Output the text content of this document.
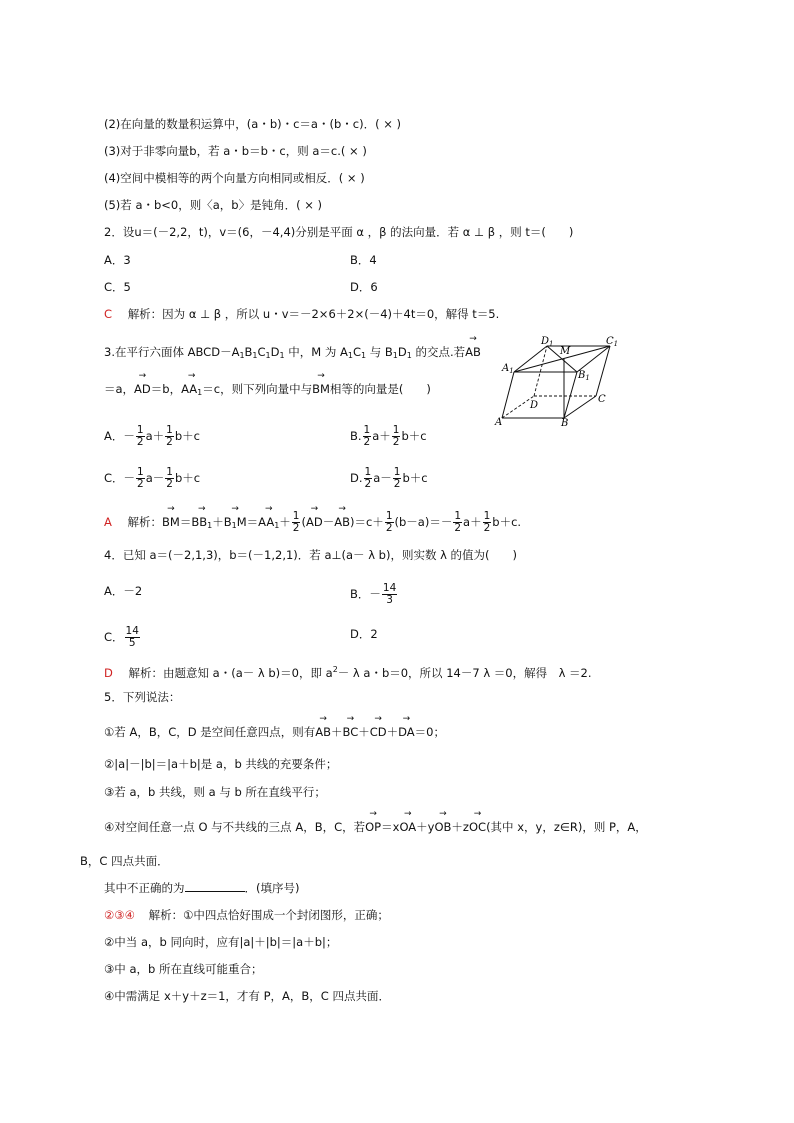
(2)在向量的数量积运算中，(a・b)・c＝a・(b・c)．( × )
(3)对于非零向量b，若 a・b＝b・c，则 a＝c.( × )
(4)空间中模相等的两个向量方向相同或相反．( × )
(5)若 a・b<0，则〈a，b〉是钝角．( × )
2．设u＝(－2,2，t)，v＝(6，－4,4)分别是平面 α ，β 的法向量．若 α ⊥ β ，则 t＝(　　)
A．3	B．4
C．5	D．6
C 解析：因为 α ⊥ β ，所以 u・v＝－2×6＋2×(－4)＋4t＝0，解得 t＝5.
3.在平行六面体 $ABCD-A_1B_1C_1D_1$ 中，M 为 $A_1C_1$ 与 $B_1D_1$ 的交点.若→ AB
＝a，→ AD＝b，→ $AA_1=c$，则下列向量中与→ BM相等的向量是(　　)
A．－ $\frac{1}{2} a+ \frac{1}{2} b+c$	B. $\frac{1}{2} a+ \frac{1}{2} b+c$
C．－ $\frac{1}{2} a- \frac{1}{2} b+c$	D. $\frac{1}{2} a- \frac{1}{2} b+c$
A 解析：→ $BM=\to BB_1+\to B_1M=\to AA_1+ \frac{1}{2}$ (→ $AD-\to AB)=c+ \frac{1}{2} (b-a)=- \frac{1}{2} a+ \frac{1}{2} b+c$.
$A_1$
$D_1$
M
$C_1$
$B_1$
D
C
A	B
4．已知 a＝(－2,1,3)，b＝(－1,2,1)．若 a⊥(a－ λ b)，则实数 λ 的值为(　　)
A．－2	B．－ $\frac{14}{3}$
C． $\frac{14}{5}$	D．2
D 解析：由题意知 a・(a－ λ b)＝0，即 $a^2- \lambda$ a・b＝0，所以 14－7 λ ＝0，解得　λ ＝2.
5．下列说法：
①若 A，B，C，D 是空间任意四点，则有→ AB＋→ BC＋→ CD＋→ DA＝0；
②|a|－|b|＝|a＋b|是 a，b 共线的充要条件；
③若 a，b 共线，则 a 与 b 所在直线平行；
④对空间任意一点 O 与不共线的三点 A，B，C，若→ OP＝x→ OA＋y→ OB＋z→ OC(其中 x，y，z∈R)，则 P，A，
B，C 四点共面．
其中不正确的为	．(填序号)
②③④ 解析：①中四点恰好围成一个封闭图形，正确；
②中当 a，b 同向时，应有|a|＋|b|＝|a＋b|；
③中 a，b 所在直线可能重合；
④中需满足 x＋y＋z＝1，才有 P，A，B，C 四点共面．
